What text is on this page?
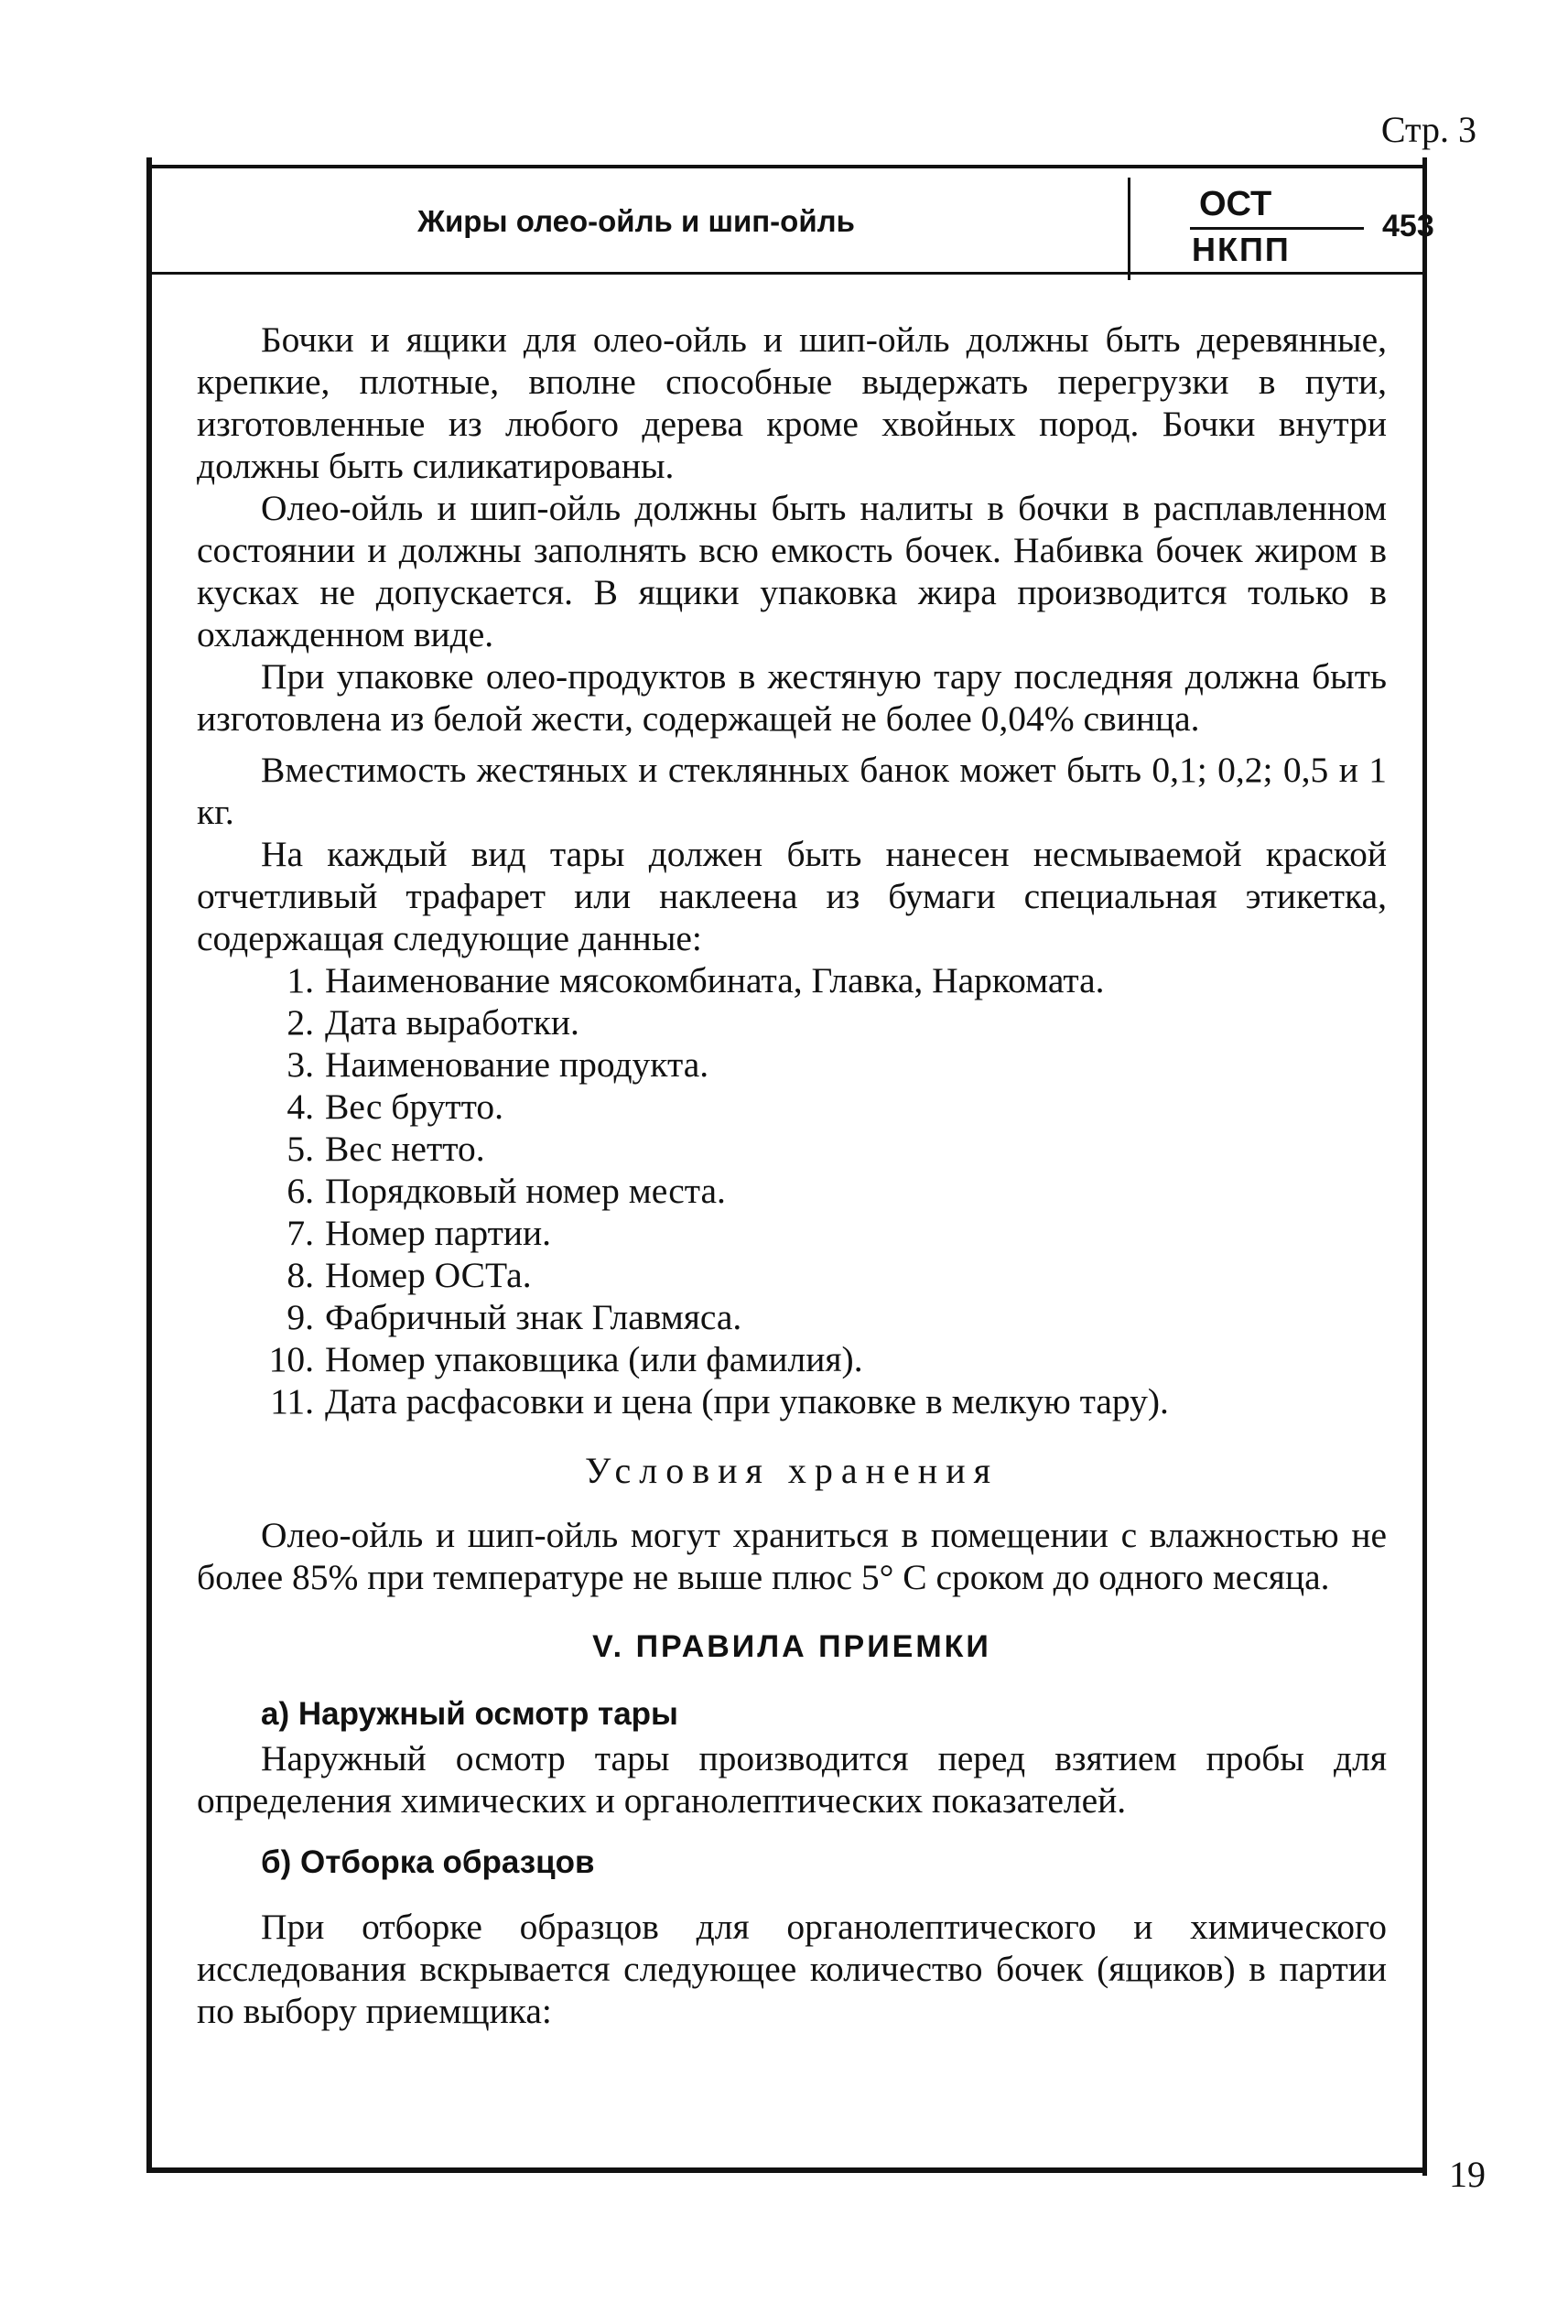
Стр. 3
Жиры олео-ойль и шип-ойль	ОСТ
НКПП
453

Бочки и ящики для олео-ойль и шип-ойль должны быть деревянные, крепкие, плотные, вполне способные выдержать перегрузки в пути, изготовленные из любого дерева кроме хвойных пород. Бочки внутри должны быть силикатированы.

Олео-ойль и шип-ойль должны быть налиты в бочки в расплавленном состоянии и должны заполнять всю емкость бочек. Набивка бочек жиром в кусках не допускается. В ящики упаковка жира производится только в охлажденном виде.

При упаковке олео-продуктов в жестяную тару последняя должна быть изготовлена из белой жести, содержащей не более 0,04% свинца.

Вместимость жестяных и стеклянных банок может быть 0,1; 0,2; 0,5 и 1 кг.

На каждый вид тары должен быть нанесен несмываемой краской отчетливый трафарет или наклеена из бумаги специальная этикетка, содержащая следующие данные:

1. Наименование мясокомбината, Главка, Наркомата.
2. Дата выработки.
3. Наименование продукта.
4. Вес брутто.
5. Вес нетто.
6. Порядковый номер места.
7. Номер партии.
8. Номер ОСТа.
9. Фабричный знак Главмяса.
10. Номер упаковщика (или фамилия).
11. Дата расфасовки и цена (при упаковке в мелкую тару).
Условия хранения

Олео-ойль и шип-ойль могут храниться в помещении с влажностью не более 85% при температуре не выше плюс 5° С сроком до одного месяца.

V. ПРАВИЛА ПРИЕМКИ
а) Наружный осмотр тары

Наружный осмотр тары производится перед взятием пробы для определения химических и органолептических показателей.

б) Отборка образцов

При отборке образцов для органолептического и химического исследования вскрывается следующее количество бочек (ящиков) в партии по выбору приемщика:

19
